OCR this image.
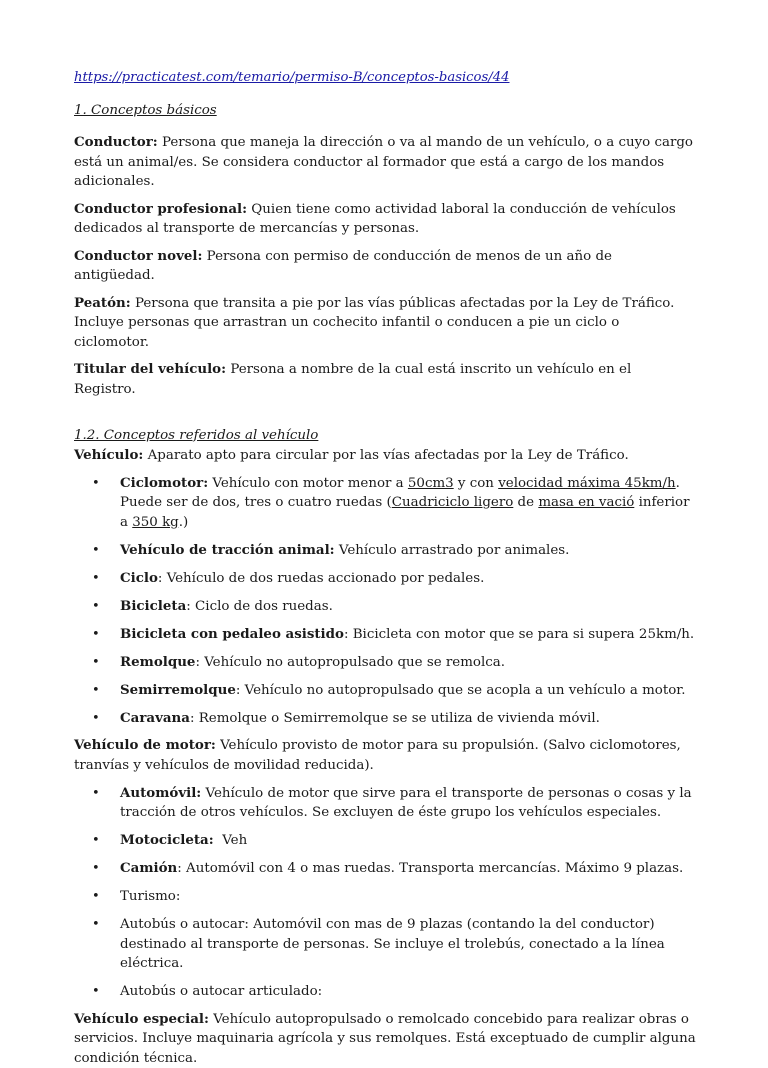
https://practicatest.com/temario/permiso-B/conceptos-basicos/44

1. Conceptos básicos

Conductor: Persona que maneja la dirección o va al mando de un vehículo, o a cuyo cargo está un animal/es. Se considera conductor al formador que está a cargo de los mandos adicionales.

Conductor profesional: Quien tiene como actividad laboral la conducción de vehículos dedicados al transporte de mercancías y personas.

Conductor novel: Persona con permiso de conducción de menos de un año de antigüedad.

Peatón: Persona que transita a pie por las vías públicas afectadas por la Ley de Tráfico. Incluye personas que arrastran un cochecito infantil o conducen a pie un ciclo o ciclomotor.

Titular del vehículo: Persona a nombre de la cual está inscrito un vehículo en el Registro.

1.2. Conceptos referidos al vehículo

Vehículo: Aparato apto para circular por las vías afectadas por la Ley de Tráfico.

• Ciclomotor: Vehículo con motor menor a 50cm3 y con velocidad máxima 45km/h. Puede ser de dos, tres o cuatro ruedas (Cuadriciclo ligero de masa en vació inferior a 350 kg.)
• Vehículo de tracción animal: Vehículo arrastrado por animales.
• Ciclo: Vehículo de dos ruedas accionado por pedales.
• Bicicleta: Ciclo de dos ruedas.
• Bicicleta con pedaleo asistido: Bicicleta con motor que se para si supera 25km/h.
• Remolque: Vehículo no autopropulsado que se remolca.
• Semirremolque: Vehículo no autopropulsado que se acopla a un vehículo a motor.
• Caravana: Remolque o Semirremolque se se utiliza de vivienda móvil.

Vehículo de motor: Vehículo provisto de motor para su propulsión. (Salvo ciclomotores, tranvías y vehículos de movilidad reducida).

• Automóvil: Vehículo de motor que sirve para el transporte de personas o cosas y la tracción de otros vehículos. Se excluyen de éste grupo los vehículos especiales.
• Motocicleta:  Veh
• Camión: Automóvil con 4 o mas ruedas. Transporta mercancías. Máximo 9 plazas.
• Turismo:
• Autobús o autocar: Automóvil con mas de 9 plazas (contando la del conductor) destinado al transporte de personas. Se incluye el trolebús, conectado a la línea eléctrica.
• Autobús o autocar articulado:

Vehículo especial: Vehículo autopropulsado o remolcado concebido para realizar obras o servicios. Incluye maquinaria agrícola y sus remolques. Está exceptuado de cumplir alguna condición técnica.
